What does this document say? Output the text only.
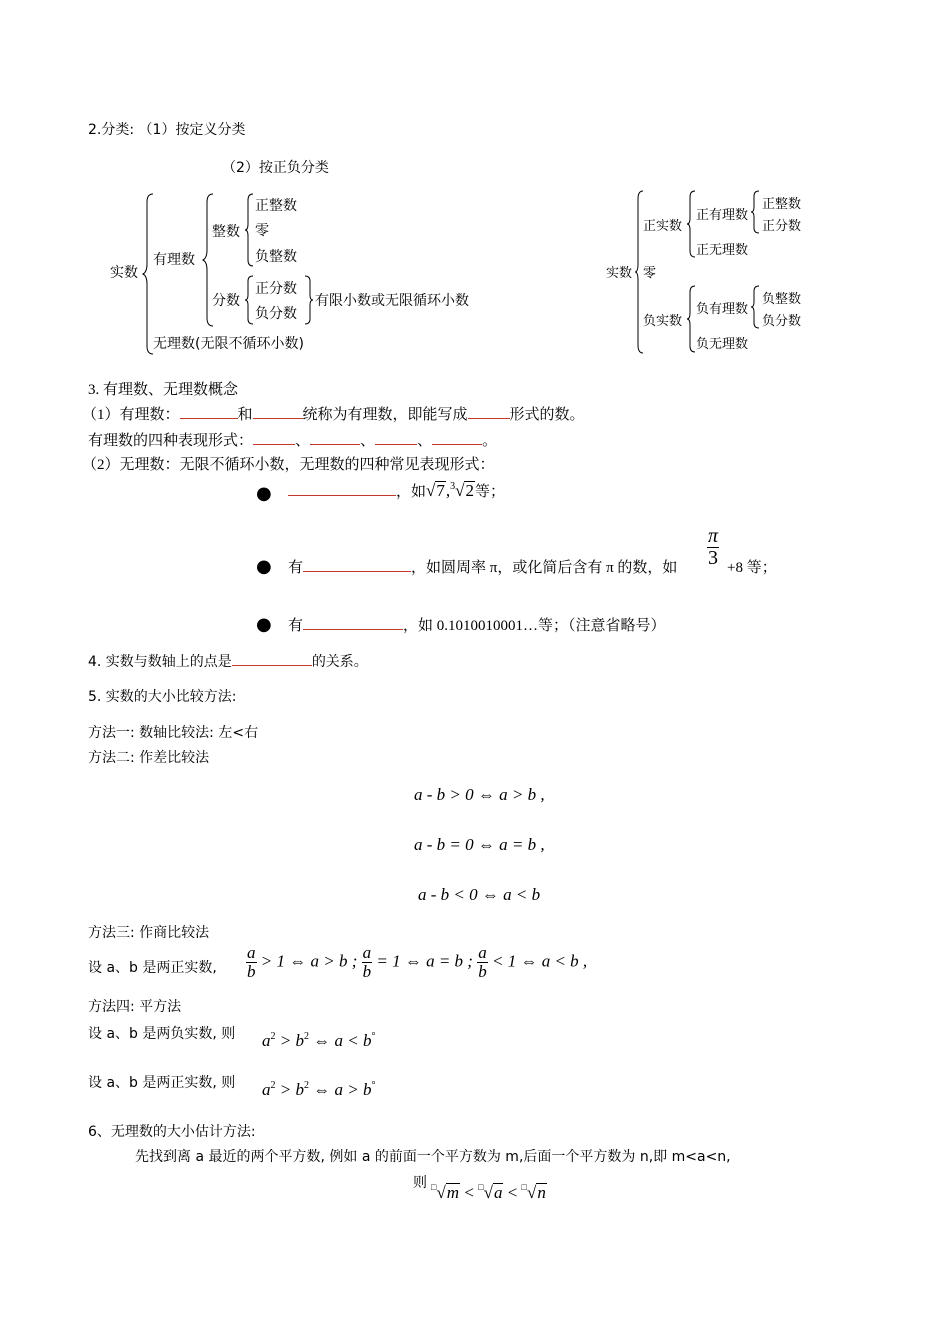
2.分类: （1）按定义分类
（2）按正负分类
实数
有理数
整数
正整数
零
负整数
分数
正分数
负分数
有限小数或无限循环小数
无理数(无限不循环小数)
实数
正实数
正有理数
正整数
正分数
正无理数
零
负实数
负有理数
负整数
负分数
负无理数
3. 有理数、无理数概念
（1）有理数：	和	统称为有理数，即能写成	形式的数。
有理数的四种表现形式：	、	、	、	。
（2）无理数：无限不循环小数，无理数的四种常见表现形式：
●	，如√7,$^3$√2等；
● 有	，如圆周率 π，或化简后含有 π 的数，如 $\frac{\pi}{3} +8$ 等；
● 有	，如 0.1010010001…等；（注意省略号）
4. 实数与数轴上的点是	的关系。
5. 实数的大小比较方法:
方法一: 数轴比较法: 左<右
方法二: 作差比较法
a - b > 0 ⇔ a > b ,
a - b = 0 ⇔ a = b ,
a - b < 0 ⇔ a < b
方法三: 作商比较法
设 a、b 是两正实数, $\frac{a}{b} > 1$ ⇔ a > b ; $\frac{a}{b} = 1$ ⇔ a = b ; $\frac{a}{b} < 1$ ⇔ a < b ,
方法四: 平方法
设 a、b 是两负实数, 则 $a^2 > b^2$ ⇔ a < b°
设 a、b 是两正实数, 则 $a^2 > b^2$ ⇔ a > b°
6、无理数的大小估计方法:
先找到离 a 最近的两个平方数, 例如 a 的前面一个平方数为 m,后面一个平方数为 n,即 m<a<n,
则 □√m < □√a < □√n
